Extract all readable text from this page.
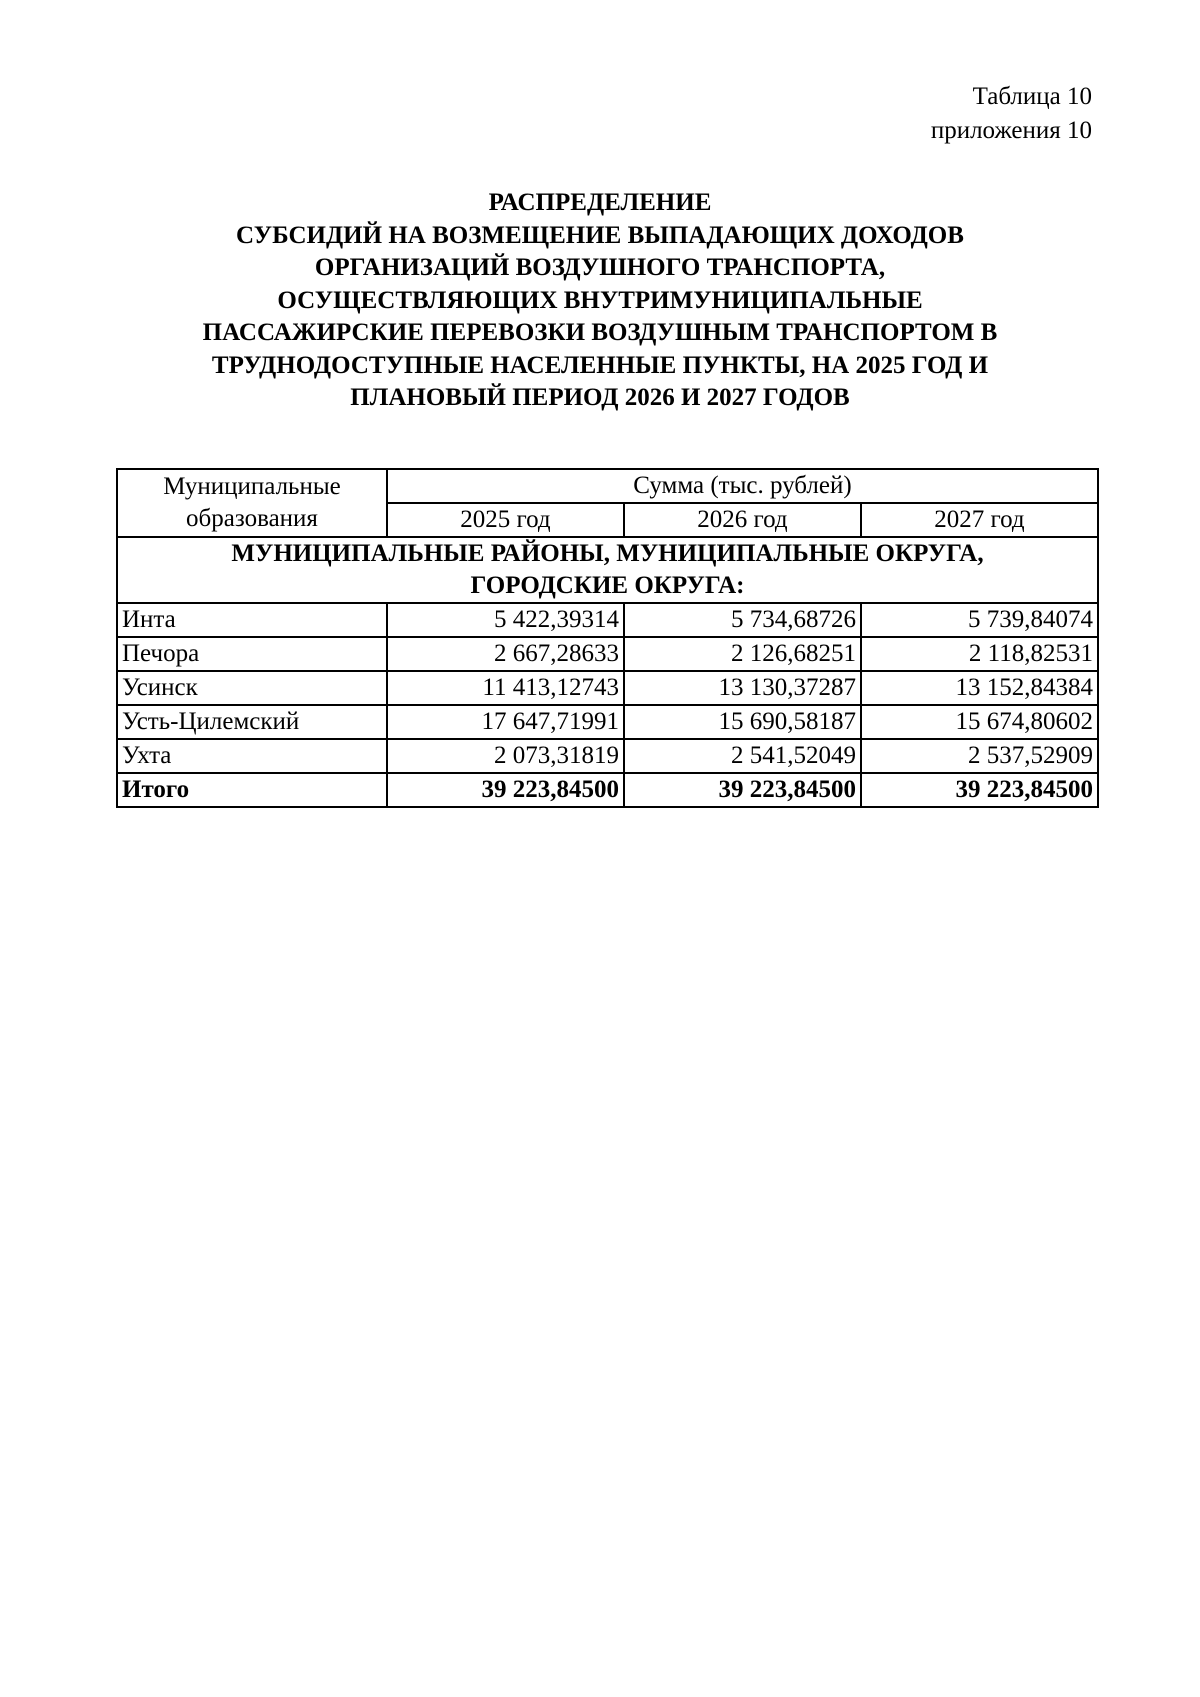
Таблица 10
приложения 10
РАСПРЕДЕЛЕНИЕ
СУБСИДИЙ НА ВОЗМЕЩЕНИЕ ВЫПАДАЮЩИХ ДОХОДОВ
ОРГАНИЗАЦИЙ ВОЗДУШНОГО ТРАНСПОРТА,
ОСУЩЕСТВЛЯЮЩИХ ВНУТРИМУНИЦИПАЛЬНЫЕ
ПАССАЖИРСКИЕ ПЕРЕВОЗКИ ВОЗДУШНЫМ ТРАНСПОРТОМ В
ТРУДНОДОСТУПНЫЕ НАСЕЛЕННЫЕ ПУНКТЫ, НА 2025 ГОД И
ПЛАНОВЫЙ ПЕРИОД 2026 И 2027 ГОДОВ
Муниципальные
образования	Сумма (тыс. рублей)		
	2025 год	2026 год	2027 год

МУНИЦИПАЛЬНЫЕ РАЙОНЫ, МУНИЦИПАЛЬНЫЕ ОКРУГА,
ГОРОДСКИЕ ОКРУГА:			

Инта	5 422,39314	5 734,68726	5 739,84074
Печора	2 667,28633	2 126,68251	2 118,82531
Усинск	11 413,12743	13 130,37287	13 152,84384
Усть-Цилемский	17 647,71991	15 690,58187	15 674,80602
Ухта	2 073,31819	2 541,52049	2 537,52909
Итого	39 223,84500	39 223,84500	39 223,84500
